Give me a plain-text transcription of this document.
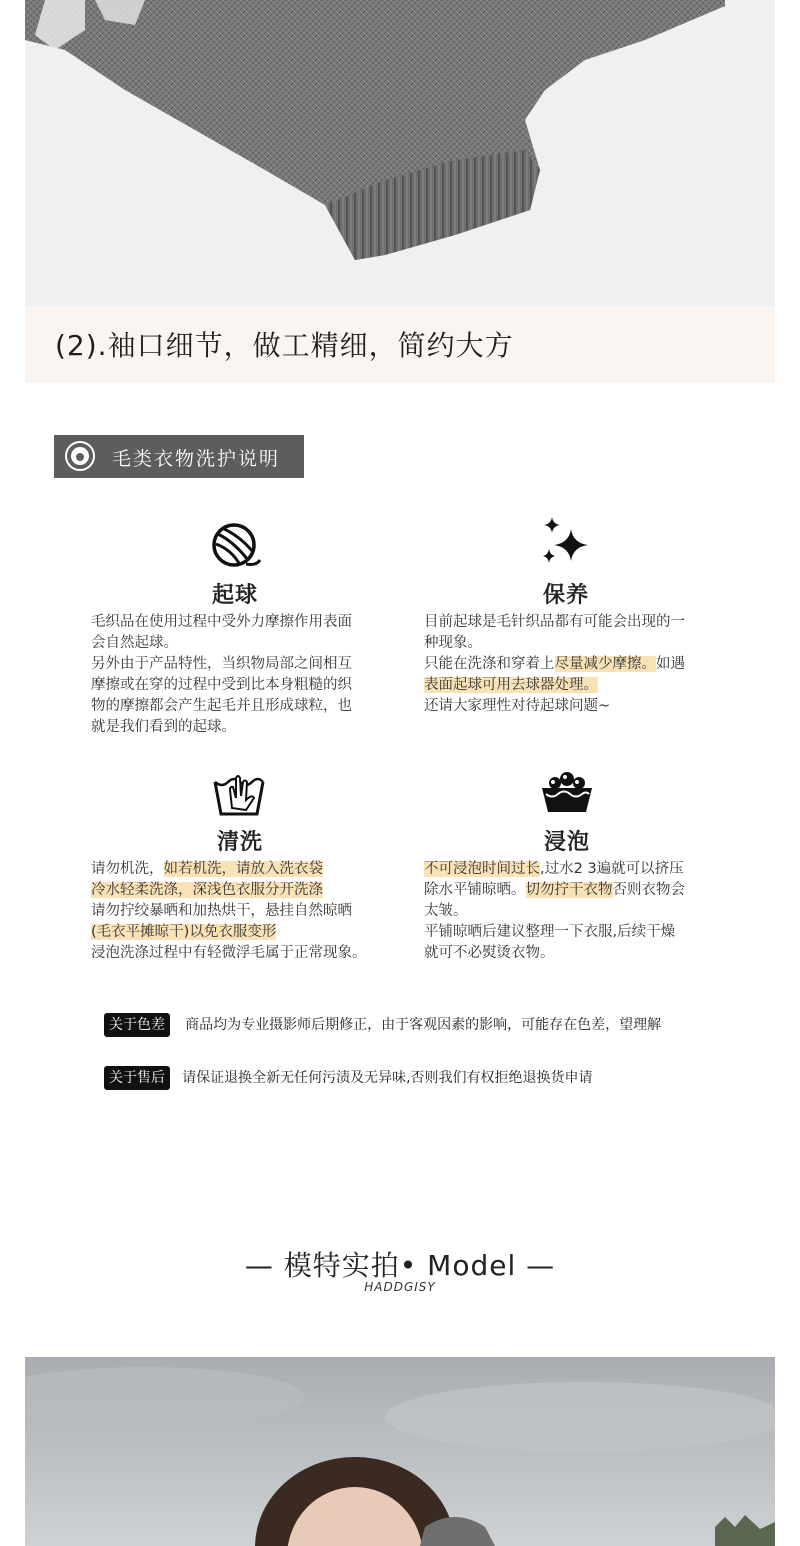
(2).袖口细节，做工精细，简约大方
毛类衣物洗护说明
起球

毛织品在使用过程中受外力摩擦作用表面

会自然起球。

另外由于产品特性，当织物局部之间相互

摩擦或在穿的过程中受到比本身粗糙的织

物的摩擦都会产生起毛并且形成球粒，也

就是我们看到的起球。

保养

目前起球是毛针织品都有可能会出现的一

种现象。

只能在洗涤和穿着上尽量减少摩擦。如遇

表面起球可用去球器处理。

还请大家理性对待起球问题~

清洗

请勿机洗，如若机洗，请放入洗衣袋

冷水轻柔洗涤，深浅色衣服分开洗涤

请勿拧绞暴晒和加热烘干，悬挂自然晾晒

(毛衣平摊晾干)以免衣服变形

浸泡洗涤过程中有轻微浮毛属于正常现象。

浸泡

不可浸泡时间过长,过水2 3遍就可以挤压

除水平铺晾晒。切勿拧干衣物否则衣物会

太皱。

平铺晾晒后建议整理一下衣服,后续干燥

就可不必熨烫衣物。

关于色差 商品均为专业摄影师后期修正，由于客观因素的影响，可能存在色差，望理解
关于售后 请保证退换全新无任何污渍及无异味,否则我们有权拒绝退换货申请
— 模特实拍• Model —
HADDGISY
